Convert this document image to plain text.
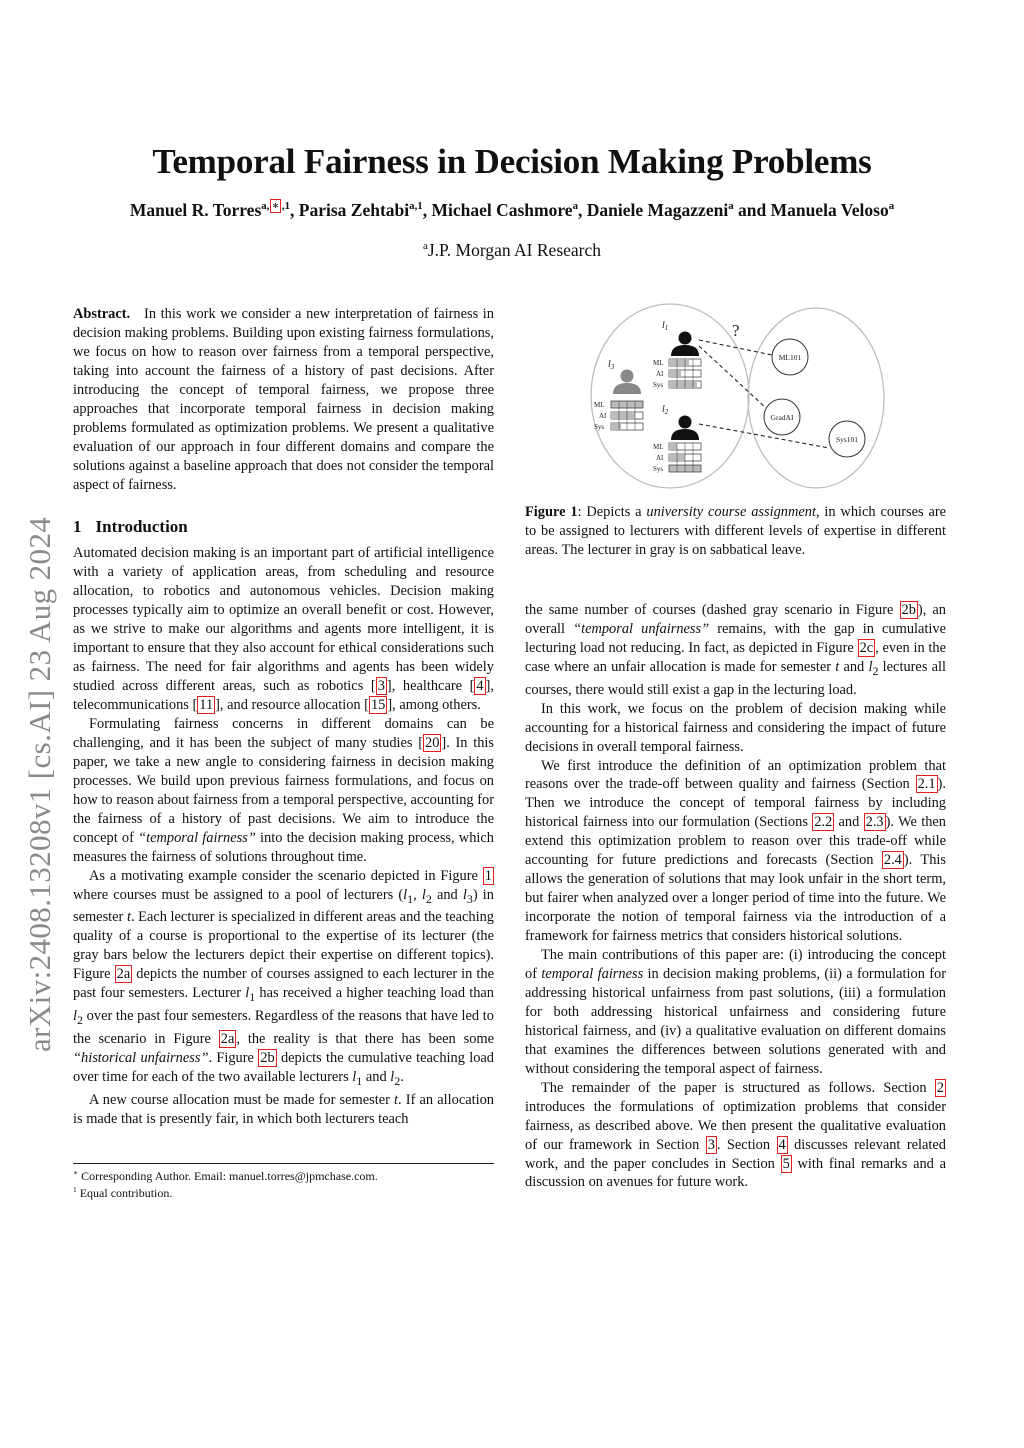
arXiv:2408.13208v1 [cs.AI] 23 Aug 2024
Temporal Fairness in Decision Making Problems
Manuel R. Torres$^{a, ∗ ,1}$, Parisa Zehtabi$^{a,1}$, Michael Cashmore$^a$, Daniele Magazzeni$^a$ and Manuela Veloso$^a$
$^a$J.P. Morgan AI Research
$l_1$
$l_3$
$l_2$
ML
AI
Sys
ML
AI
Sys
ML
AI
Sys
ML101
GradAI
Sys101
?
Figure 1: Depicts a university course assignment, in which courses are to be assigned to lecturers with different levels of expertise in different areas. The lecturer in gray is on sabbatical leave.

Abstract. In this work we consider a new interpretation of fairness in decision making problems. Building upon existing fairness formulations, we focus on how to reason over fairness from a temporal perspective, taking into account the fairness of a history of past decisions. After introducing the concept of temporal fairness, we propose three approaches that incorporate temporal fairness in decision making problems formulated as optimization problems. We present a qualitative evaluation of our approach in four different domains and compare the solutions against a baseline approach that does not consider the temporal aspect of fairness.

1 Introduction

Automated decision making is an important part of artificial intelligence with a variety of application areas, from scheduling and resource allocation, to robotics and autonomous vehicles. Decision making processes typically aim to optimize an overall benefit or cost. However, as we strive to make our algorithms and agents more intelligent, it is important to ensure that they also account for ethical considerations such as fairness. The need for fair algorithms and agents has been widely studied across different areas, such as robotics [ 3 ], healthcare [ 4 ], telecommunications [ 11 ], and resource allocation [ 15 ], among others.

Formulating fairness concerns in different domains can be challenging, and it has been the subject of many studies [ 20 ]. In this paper, we take a new angle to considering fairness in decision making processes. We build upon previous fairness formulations, and focus on how to reason about fairness from a temporal perspective, accounting for the fairness of a history of past decisions. We aim to introduce the concept of “temporal fairness” into the decision making process, which measures the fairness of solutions throughout time.

As a motivating example consider the scenario depicted in Figure 1 where courses must be assigned to a pool of lecturers ($l_1$, $l_2$ and $l_3$) in semester t. Each lecturer is specialized in different areas and the teaching quality of a course is proportional to the expertise of its lecturer (the gray bars below the lecturers depict their expertise on different topics). Figure 2a depicts the number of courses assigned to each lecturer in the past four semesters. Lecturer $l_1$ has received a higher teaching load than $l_2$ over the past four semesters. Regardless of the reasons that have led to the scenario in Figure 2a , the reality is that there has been some “historical unfairness”. Figure 2b depicts the cumulative teaching load over time for each of the two available lecturers $l_1$ and $l_2$.

A new course allocation must be made for semester t. If an allocation is made that is presently fair, in which both lecturers teach

∗ Corresponding Author. Email: manuel.torres@jpmchase.com.
$^1$ Equal contribution.

the same number of courses (dashed gray scenario in Figure 2b ), an overall “temporal unfairness” remains, with the gap in cumulative lecturing load not reducing. In fact, as depicted in Figure 2c , even in the case where an unfair allocation is made for semester t and $l_2$ lectures all courses, there would still exist a gap in the lecturing load.

In this work, we focus on the problem of decision making while accounting for a historical fairness and considering the impact of future decisions in overall temporal fairness.

We first introduce the definition of an optimization problem that reasons over the trade-off between quality and fairness (Section 2.1 ). Then we introduce the concept of temporal fairness by including historical fairness into our formulation (Sections 2.2 and 2.3 ). We then extend this optimization problem to reason over this trade-off while accounting for future predictions and forecasts (Section 2.4 ). This allows the generation of solutions that may look unfair in the short term, but fairer when analyzed over a longer period of time into the future. We incorporate the notion of temporal fairness via the introduction of a framework for fairness metrics that considers historical solutions.

The main contributions of this paper are: (i) introducing the concept of temporal fairness in decision making problems, (ii) a formulation for addressing historical unfairness from past solutions, (iii) a formulation for both addressing historical unfairness and considering future historical fairness, and (iv) a qualitative evaluation on different domains that examines the differences between solutions generated with and without considering the temporal aspect of fairness.

The remainder of the paper is structured as follows. Section 2 introduces the formulations of optimization problems that consider fairness, as described above. We then present the qualitative evaluation of our framework in Section 3 . Section 4 discusses relevant related work, and the paper concludes in Section 5 with final remarks and a discussion on avenues for future work.
